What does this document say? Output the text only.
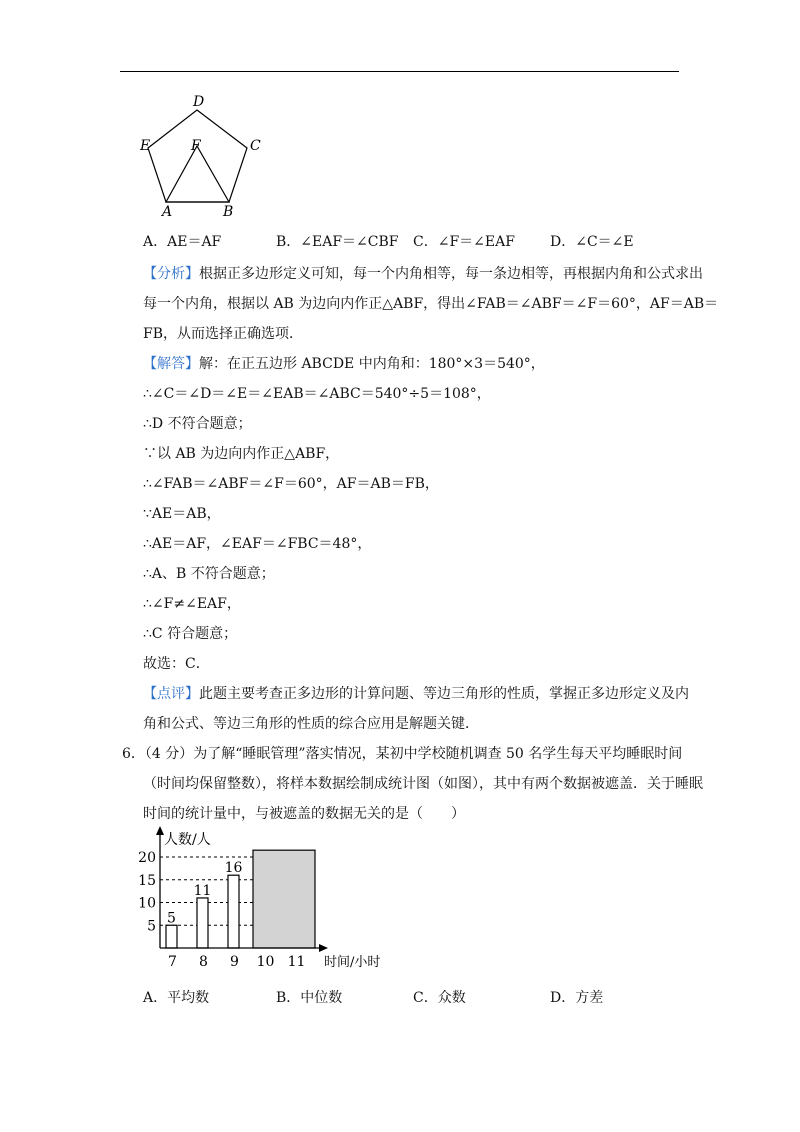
D
E	C
F
A	B
A．AE＝AF	B．∠EAF＝∠CBF C．∠F＝∠EAF	D．∠C＝∠E
【分析】根据正多边形定义可知，每一个内角相等，每一条边相等，再根据内角和公式求出
每一个内角，根据以 AB 为边向内作正△ABF，得出∠FAB＝∠ABF＝∠F＝60°，AF＝AB＝
FB，从而选择正确选项．
【解答】解：在正五边形 ABCDE 中内角和：180°×3＝540°，
∴∠C＝∠D＝∠E＝∠EAB＝∠ABC＝540°÷5＝108°，
∴D 不符合题意；
∵以 AB 为边向内作正△ABF，
∴∠FAB＝∠ABF＝∠F＝60°，AF＝AB＝FB，
∵AE＝AB，
∴AE＝AF，∠EAF＝∠FBC＝48°，
∴A、B 不符合题意；
∴∠F≠∠EAF，
∴C 符合题意；
故选：C．
【点评】此题主要考查正多边形的计算问题、等边三角形的性质，掌握正多边形定义及内
角和公式、等边三角形的性质的综合应用是解题关键．
6．（4 分）为了解“睡眠管理”落实情况，某初中学校随机调查 50 名学生每天平均睡眠时间
（时间均保留整数），将样本数据绘制成统计图（如图），其中有两个数据被遮盖．关于睡眠
时间的统计量中，与被遮盖的数据无关的是（　　）
人数/人
时间/小时
5
10
15
20
7 8 9 10 11
5
11
16
A．平均数	B．中位数	C．众数	D．方差
